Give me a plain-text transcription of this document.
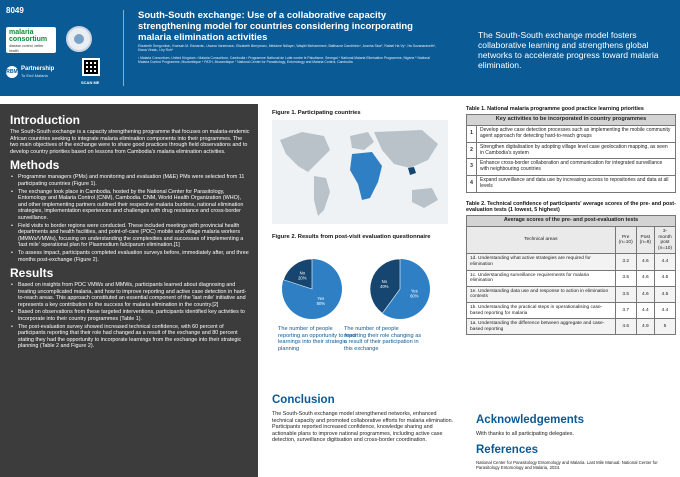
8049
malaria
consortium
disease control, better health
RBM Partnership
To End Malaria
SCAN ME
South-South exchange: Use of a collaborative capacity strengthening model for countries considering incorporating malaria elimination activities
Elizabeth Sengomba¹, Kwesah M. Edwards¹, Uwana Vanemara¹, Elizabeth Berryman¹, Médame Ndiaye², Waqibi Mohammed³, Balthazar Candrinho⁴, Aranha Sica⁵, Rafael Ha Vy⁶, Ha Sovanaraveth⁶, Kiana Vinda¹, Lhy Roh⁶
¹ Malaria Consortium, United Kingdom ² Malaria Consortium, Cambodia ³ Programme National de Lutte contre le Paludisme, Senegal ⁴ National Malaria Elimination Programme, Nigeria ⁵ National Malaria Control Programme, Mozambique ⁶ PATH, Mozambique ⁷ National Center for Parasitology, Entomology and Malaria Control, Cambodia
The South-South exchange model fosters collaborative learning and strengthens global networks to accelerate progress toward malaria elimination.
Introduction

The South-South exchange is a capacity strengthening programme that focuses on malaria-endemic African countries seeking to integrate malaria elimination components into their programmes. The two main objectives of the exchange were to share good practices through field observations and to develop country priorities based on lessons from Cambodia's malaria elimination activities.

Methods
• Programme managers (PMs) and monitoring and evaluation (M&E) PMs were selected from 11 participating countries (Figure 1).
• The exchange took place in Cambodia, hosted by the National Center for Parasitology, Entomology and Malaria Control (CNM), Cambodia. CNM, World Health Organization (WHO), and other implementing partners outlined their respective malaria burdens, national elimination strategies, implementation experiences and challenges with drug resistance and cross-border surveillance.
• Field visits to border regions were conducted. These included meetings with provincial health departments and health facilities, and point-of-care (POC) mobile and village malaria workers (MMWs/VMWs), focusing on understanding the complexities and successes of implementing a 'last mile' operational plan for Plasmodium falciparum elimination.[1]
• To assess impact, participants completed evaluation surveys before, immediately after, and three months post-exchange (Figure 2).
Results
• Based on insights from POC VMWs and MMWs, participants learned about diagnosing and treating uncomplicated malaria, and how to improve reporting and active case detection in hard-to-reach areas. This approach constituted an essential component of the 'last mile' initiative and represents a key contribution to the success for malaria elimination in the country.[2]
• Based on observations from these targeted interventions, participants identified key activities to incorporate into their country programmes (Table 1).
• The post-evaluation survey showed increased technical confidence, with 60 percent of participants reporting that their role had changed as a result of the exchange and 80 percent stating they had the opportunity to incorporate learnings from the exchange into their strategic planning (Table 2 and Figure 2).
Figure 1. Participating countries
Figure 2. Results from post-visit evaluation questionnaire
No
20%
Yes
80%
No
40%
Yes
60%
The number of people reporting an opportunity to feed learnings into their strategic planning
The number of people reporting their role changing as a result of their participation in this exchange
Conclusion
The South-South exchange model strengthened networks, enhanced technical capacity and promoted collaborative efforts for malaria elimination. Participants reported increased confidence, knowledge sharing and actionable plans to improve national programmes, including active case detection, surveillance digitisation and cross-border coordination.
Table 1. National malaria programme good practice learning priorities
Key activities to be incorporated in country programmes	
1	Develop active case detection processes such as implementing the mobile community agent approach for detecting hard-to-reach groups
2	Strengthen digitalisation by adopting village level case geolocation mapping, as seen in Cambodia's system
3	Enhance cross-border collaboration and communication for integrated surveillance with neighbouring countries
4	Expand surveillance and data use by increasing access to repositories and data at all levels
Table 2. Technical confidence of participants' average scores of the pre- and post-evaluation tests (1 lowest, 5 highest)
Average scores of the pre- and post-evaluation tests			
Technical areas	Pre (n=10)	Post (n=8)	3-month post (n=10)
1d. Understanding what active strategies are required for elimination	3.2	4.6	4.4
1c. Understanding surveillance requirements for malaria elimination	3.5	4.6	4.5
1e. Understanding data use and response to action in elimination contexts	3.5	4.6	4.5
1b. Understanding the practical steps in operationalising case-based reporting for malaria	3.7	4.4	4.4
1a. Understanding the difference between aggregate and case-based reporting	4.6	4.9	5
Acknowledgements
With thanks to all participating delegates.
References
National Center for Parasitology Entomology and Malaria. Last Mile Manual. National Center for Parasitology Entomology and Malaria, 2024.
